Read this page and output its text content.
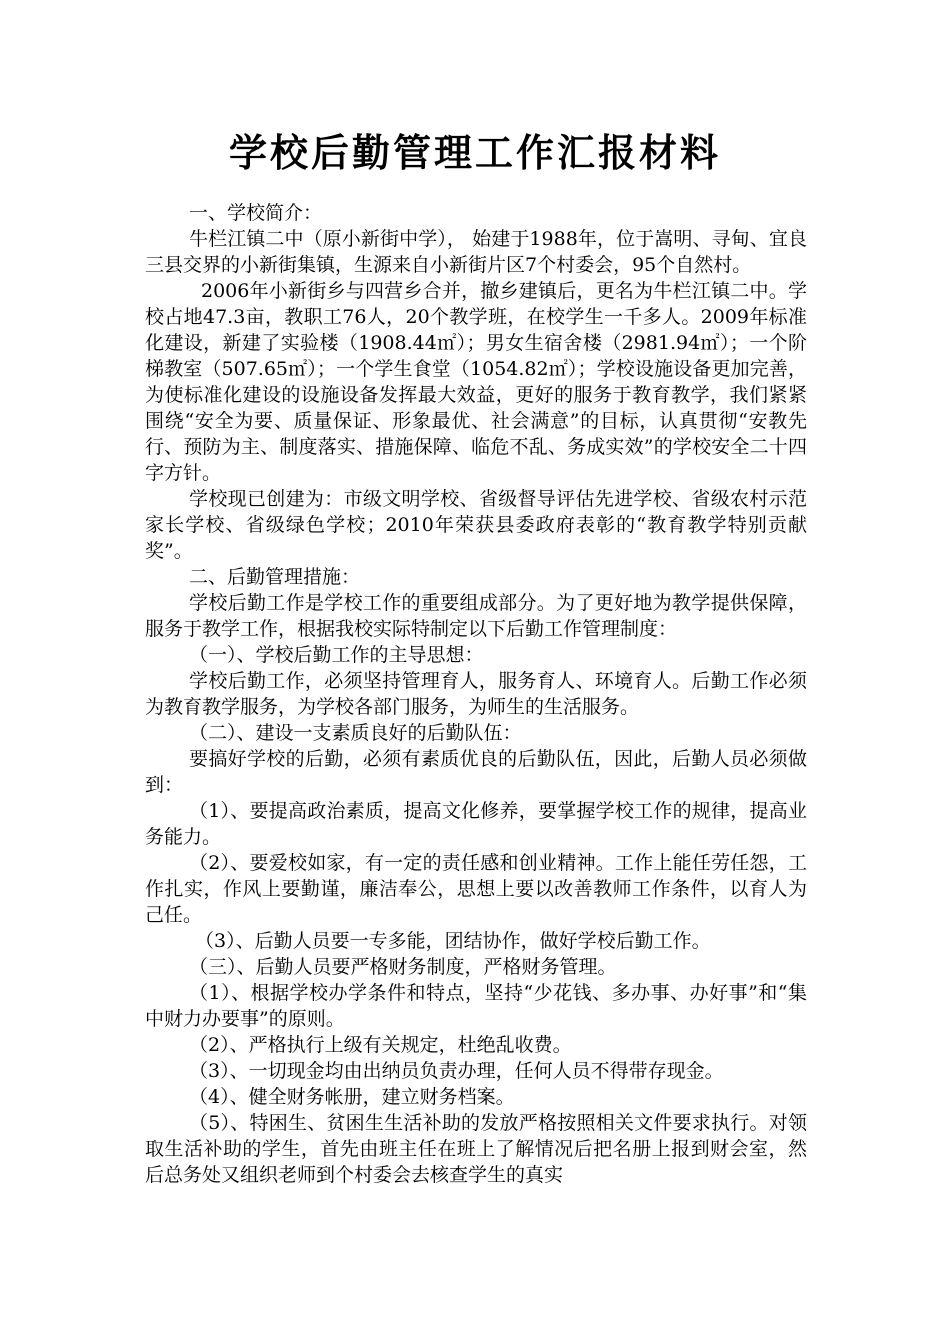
学校后勤管理工作汇报材料

一、学校简介：

牛栏江镇二中（原小新街中学）， 始建于1988年，位于嵩明、寻甸、宜良三县交界的小新街集镇，生源来自小新街片区7个村委会，95个自然村。

2006年小新街乡与四营乡合并，撤乡建镇后，更名为牛栏江镇二中。学校占地47.3亩，教职工76人，20个教学班，在校学生一千多人。2009年标准化建设，新建了实验楼（1908.44㎡）；男女生宿舍楼（2981.94㎡）；一个阶梯教室（507.65㎡）；一个学生食堂（1054.82㎡）；学校设施设备更加完善，为使标准化建设的设施设备发挥最大效益，更好的服务于教育教学，我们紧紧围绕“安全为要、质量保证、形象最优、社会满意”的目标，认真贯彻“安教先行、预防为主、制度落实、措施保障、临危不乱、务成实效”的学校安全二十四字方针。

学校现已创建为：市级文明学校、省级督导评估先进学校、省级农村示范家长学校、省级绿色学校；2010年荣获县委政府表彰的“教育教学特别贡献奖”。

二、后勤管理措施：

学校后勤工作是学校工作的重要组成部分。为了更好地为教学提供保障，服务于教学工作，根据我校实际特制定以下后勤工作管理制度：

（一）、学校后勤工作的主导思想：

学校后勤工作，必须坚持管理育人，服务育人、环境育人。后勤工作必须为教育教学服务，为学校各部门服务，为师生的生活服务。

（二）、建设一支素质良好的后勤队伍：

要搞好学校的后勤，必须有素质优良的后勤队伍，因此，后勤人员必须做到：

（1）、要提高政治素质，提高文化修养，要掌握学校工作的规律，提高业务能力。

（2）、要爱校如家，有一定的责任感和创业精神。工作上能任劳任怨，工作扎实，作风上要勤谨，廉洁奉公，思想上要以改善教师工作条件，以育人为己任。

（3）、后勤人员要一专多能，团结协作，做好学校后勤工作。

（三）、后勤人员要严格财务制度，严格财务管理。

（1）、根据学校办学条件和特点，坚持“少花钱、多办事、办好事”和“集中财力办要事”的原则。

（2）、严格执行上级有关规定，杜绝乱收费。

（3）、一切现金均由出纳员负责办理，任何人员不得带存现金。

（4）、健全财务帐册，建立财务档案。

（5）、特困生、贫困生生活补助的发放严格按照相关文件要求执行。对领取生活补助的学生，首先由班主任在班上了解情况后把名册上报到财会室，然后总务处又组织老师到个村委会去核查学生的真实
